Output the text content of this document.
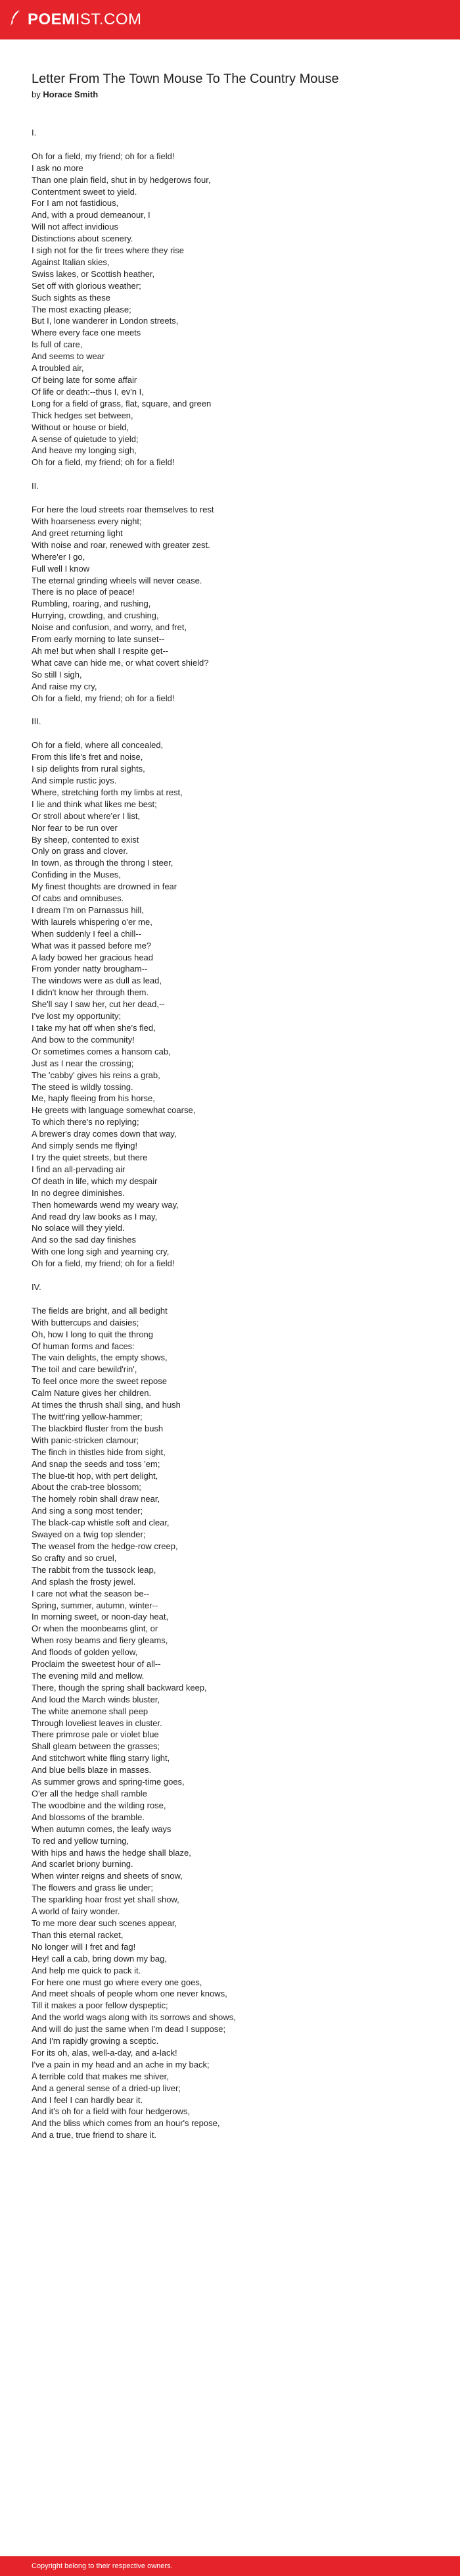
POEM IST.COM
Letter From The Town Mouse To The Country Mouse
by Horace Smith
I.
Oh for a field, my friend; oh for a field!
I ask no more
Than one plain field, shut in by hedgerows four,
Contentment sweet to yield.
For I am not fastidious,
And, with a proud demeanour, I
Will not affect invidious
Distinctions about scenery.
I sigh not for the fir trees where they rise
Against Italian skies,
Swiss lakes, or Scottish heather,
Set off with glorious weather;
Such sights as these
The most exacting please;
But I, lone wanderer in London streets,
Where every face one meets
Is full of care,
And seems to wear
A troubled air,
Of being late for some affair
Of life or death:--thus I, ev'n I,
Long for a field of grass, flat, square, and green
Thick hedges set between,
Without or house or bield,
A sense of quietude to yield;
And heave my longing sigh,
Oh for a field, my friend; oh for a field!
II.
For here the loud streets roar themselves to rest
With hoarseness every night;
And greet returning light
With noise and roar, renewed with greater zest.
Where'er I go,
Full well I know
The eternal grinding wheels will never cease.
There is no place of peace!
Rumbling, roaring, and rushing,
Hurrying, crowding, and crushing,
Noise and confusion, and worry, and fret,
From early morning to late sunset--
Ah me! but when shall I respite get--
What cave can hide me, or what covert shield?
So still I sigh,
And raise my cry,
Oh for a field, my friend; oh for a field!
III.
Oh for a field, where all concealed,
From this life's fret and noise,
I sip delights from rural sights,
And simple rustic joys.
Where, stretching forth my limbs at rest,
I lie and think what likes me best;
Or stroll about where'er I list,
Nor fear to be run over
By sheep, contented to exist
Only on grass and clover.
In town, as through the throng I steer,
Confiding in the Muses,
My finest thoughts are drowned in fear
Of cabs and omnibuses.
I dream I'm on Parnassus hill,
With laurels whispering o'er me,
When suddenly I feel a chill--
What was it passed before me?
A lady bowed her gracious head
From yonder natty brougham--
The windows were as dull as lead,
I didn't know her through them.
She'll say I saw her, cut her dead,--
I've lost my opportunity;
I take my hat off when she's fled,
And bow to the community!
Or sometimes comes a hansom cab,
Just as I near the crossing;
The 'cabby' gives his reins a grab,
The steed is wildly tossing.
Me, haply fleeing from his horse,
He greets with language somewhat coarse,
To which there's no replying;
A brewer's dray comes down that way,
And simply sends me flying!
I try the quiet streets, but there
I find an all-pervading air
Of death in life, which my despair
In no degree diminishes.
Then homewards wend my weary way,
And read dry law books as I may,
No solace will they yield.
And so the sad day finishes
With one long sigh and yearning cry,
Oh for a field, my friend; oh for a field!
IV.
The fields are bright, and all bedight
With buttercups and daisies;
Oh, how I long to quit the throng
Of human forms and faces:
The vain delights, the empty shows,
The toil and care bewild'rin',
To feel once more the sweet repose
Calm Nature gives her children.
At times the thrush shall sing, and hush
The twitt'ring yellow-hammer;
The blackbird fluster from the bush
With panic-stricken clamour;
The finch in thistles hide from sight,
And snap the seeds and toss 'em;
The blue-tit hop, with pert delight,
About the crab-tree blossom;
The homely robin shall draw near,
And sing a song most tender;
The black-cap whistle soft and clear,
Swayed on a twig top slender;
The weasel from the hedge-row creep,
So crafty and so cruel,
The rabbit from the tussock leap,
And splash the frosty jewel.
I care not what the season be--
Spring, summer, autumn, winter--
In morning sweet, or noon-day heat,
Or when the moonbeams glint, or
When rosy beams and fiery gleams,
And floods of golden yellow,
Proclaim the sweetest hour of all--
The evening mild and mellow.
There, though the spring shall backward keep,
And loud the March winds bluster,
The white anemone shall peep
Through loveliest leaves in cluster.
There primrose pale or violet blue
Shall gleam between the grasses;
And stitchwort white fling starry light,
And blue bells blaze in masses.
As summer grows and spring-time goes,
O'er all the hedge shall ramble
The woodbine and the wilding rose,
And blossoms of the bramble.
When autumn comes, the leafy ways
To red and yellow turning,
With hips and haws the hedge shall blaze,
And scarlet briony burning.
When winter reigns and sheets of snow,
The flowers and grass lie under;
The sparkling hoar frost yet shall show,
A world of fairy wonder.
To me more dear such scenes appear,
Than this eternal racket,
No longer will I fret and fag!
Hey! call a cab, bring down my bag,
And help me quick to pack it.
For here one must go where every one goes,
And meet shoals of people whom one never knows,
Till it makes a poor fellow dyspeptic;
And the world wags along with its sorrows and shows,
And will do just the same when I'm dead I suppose;
And I'm rapidly growing a sceptic.
For its oh, alas, well-a-day, and a-lack!
I've a pain in my head and an ache in my back;
A terrible cold that makes me shiver,
And a general sense of a dried-up liver;
And I feel I can hardly bear it.
And it's oh for a field with four hedgerows,
And the bliss which comes from an hour's repose,
And a true, true friend to share it.
Copyright belong to their respective owners.
